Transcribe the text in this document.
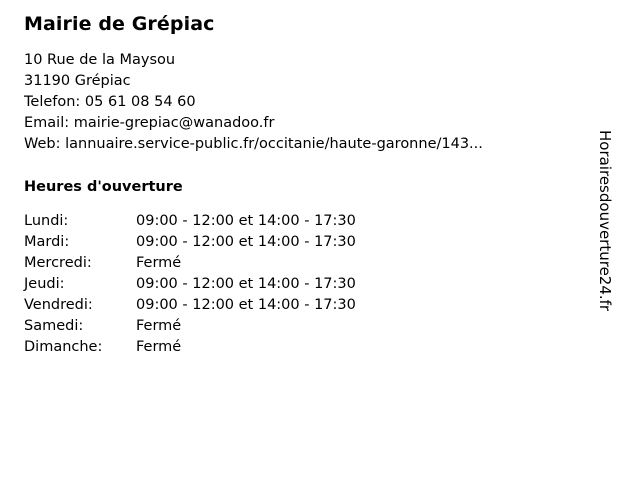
Mairie de Grépiac
10 Rue de la Maysou
31190 Grépiac
Telefon: 05 61 08 54 60
Email: mairie-grepiac@wanadoo.fr
Web: lannuaire.service-public.fr/occitanie/haute-garonne/143...
Heures d'ouverture
Lundi:	09:00 - 12:00 et 14:00 - 17:30
Mardi:	09:00 - 12:00 et 14:00 - 17:30
Mercredi:	Fermé
Jeudi:	09:00 - 12:00 et 14:00 - 17:30
Vendredi:	09:00 - 12:00 et 14:00 - 17:30
Samedi:	Fermé
Dimanche:	Fermé
Horairesdouverture24.fr
